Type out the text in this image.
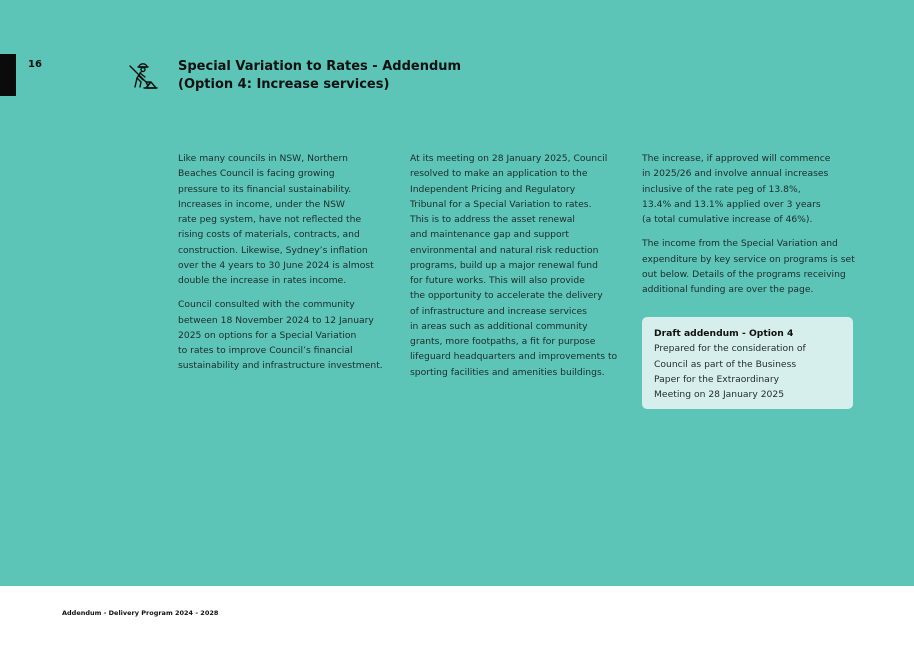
16	Special Variation to Rates - Addendum
(Option 4: Increase services)

Like many councils in NSW, Northern
Beaches Council is facing growing
pressure to its financial sustainability.
Increases in income, under the NSW
rate peg system, have not reflected the
rising costs of materials, contracts, and
construction. Likewise, Sydney’s inflation
over the 4 years to 30 June 2024 is almost
double the increase in rates income.

Council consulted with the community
between 18 November 2024 to 12 January
2025 on options for a Special Variation
to rates to improve Council’s financial
sustainability and infrastructure investment.

At its meeting on 28 January 2025, Council
resolved to make an application to the
Independent Pricing and Regulatory
Tribunal for a Special Variation to rates.
This is to address the asset renewal
and maintenance gap and support
environmental and natural risk reduction
programs, build up a major renewal fund
for future works. This will also provide
the opportunity to accelerate the delivery
of infrastructure and increase services
in areas such as additional community
grants, more footpaths, a fit for purpose
lifeguard headquarters and improvements to
sporting facilities and amenities buildings.

The increase, if approved will commence
in 2025/26 and involve annual increases
inclusive of the rate peg of 13.8%,
13.4% and 13.1% applied over 3 years
(a total cumulative increase of 46%).

The income from the Special Variation and
expenditure by key service on programs is set
out below. Details of the programs receiving
additional funding are over the page.

Draft addendum - Option 4
Prepared for the consideration of
Council as part of the Business
Paper for the Extraordinary
Meeting on 28 January 2025
Addendum - Delivery Program 2024 - 2028
